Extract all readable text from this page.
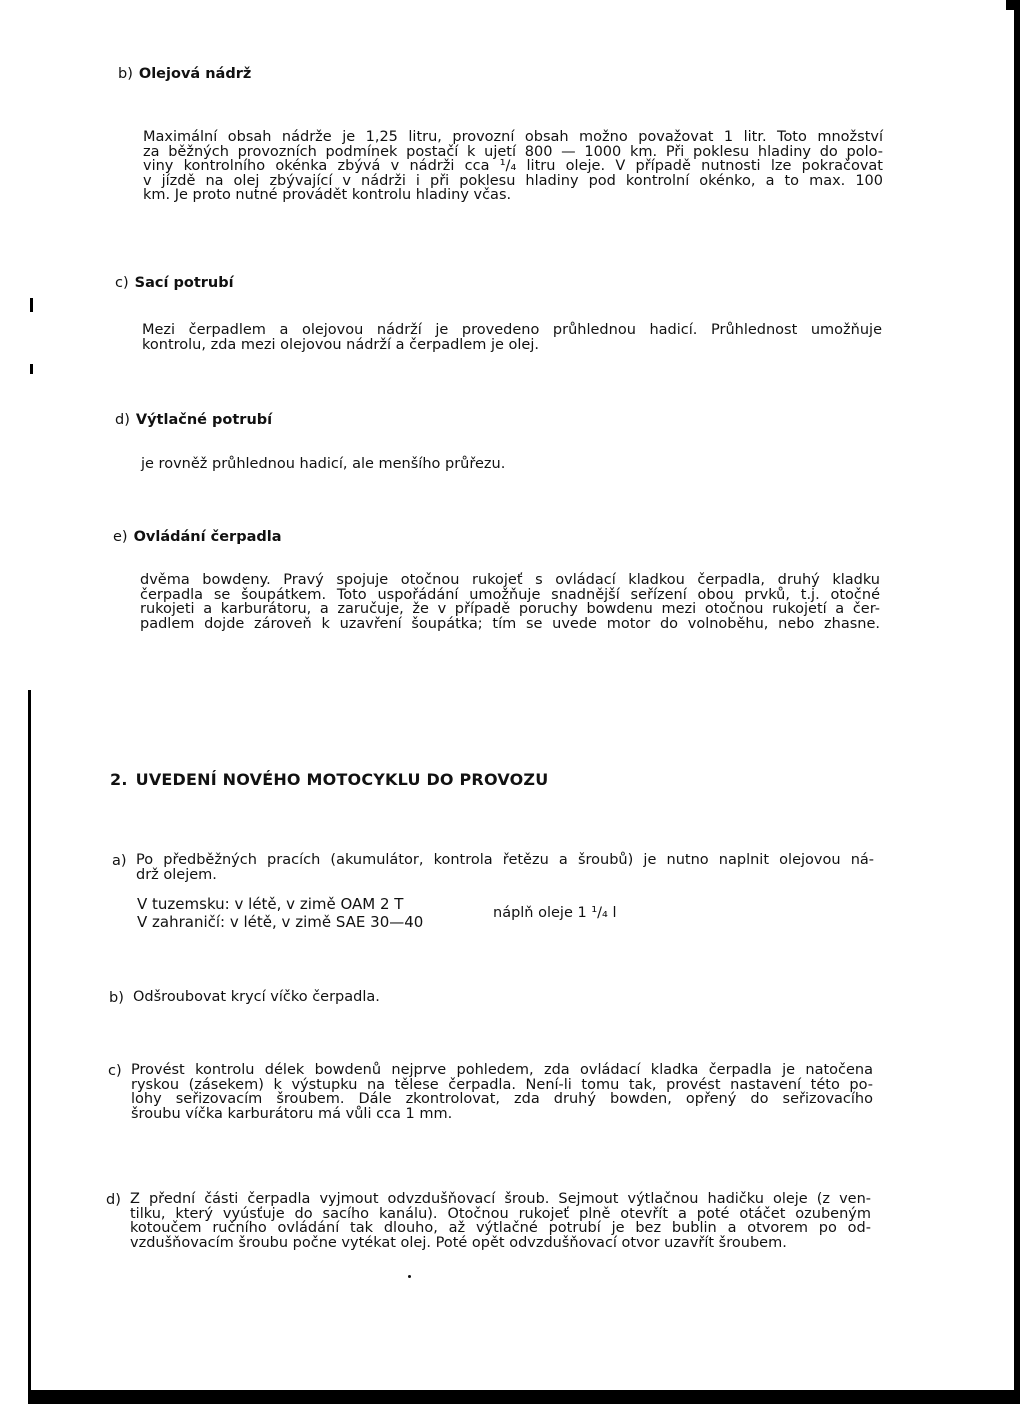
b) Olejová nádrž
Maximální obsah nádrže je 1,25 litru, provozní obsah možno považovat 1 litr. Toto množství
za běžných provozních podmínek postačí k ujetí 800 — 1000 km. Při poklesu hladiny do polo-
viny kontrolního okénka zbývá v nádrži cca ¹/₄ litru oleje. V případě nutnosti lze pokračovat
v jízdě na olej zbývající v nádrži i při poklesu hladiny pod kontrolní okénko, a to max. 100
km. Je proto nutné provádět kontrolu hladiny včas.
c) Sací potrubí
Mezi čerpadlem a olejovou nádrží je provedeno průhlednou hadicí. Průhlednost umožňuje
kontrolu, zda mezi olejovou nádrží a čerpadlem je olej.
d) Výtlačné potrubí
je rovněž průhlednou hadicí, ale menšího průřezu.
e) Ovládání čerpadla
dvěma bowdeny. Pravý spojuje otočnou rukojeť s ovládací kladkou čerpadla, druhý kladku
čerpadla se šoupátkem. Toto uspořádání umožňuje snadnější seřízení obou prvků, t.j. otočné
rukojeti a karburátoru, a zaručuje, že v případě poruchy bowdenu mezi otočnou rukojetí a čer-
padlem dojde zároveň k uzavření šoupátka; tím se uvede motor do volnoběhu, nebo zhasne.
2. UVEDENÍ NOVÉHO MOTOCYKLU DO PROVOZU
a) Po předběžných pracích (akumulátor, kontrola řetězu a šroubů) je nutno naplnit olejovou ná-
drž olejem.
V tuzemsku: v létě, v zimě OAM 2 T
V zahraničí: v létě, v zimě SAE 30—40	náplň oleje 1 ¹/₄ l
b) Odšroubovat krycí víčko čerpadla.
c) Provést kontrolu délek bowdenů nejprve pohledem, zda ovládací kladka čerpadla je natočena
ryskou (zásekem) k výstupku na tělese čerpadla. Není-li tomu tak, provést nastavení této po-
lohy seřizovacím šroubem. Dále zkontrolovat, zda druhý bowden, opřený do seřizovacího
šroubu víčka karburátoru má vůli cca 1 mm.
d) Z přední části čerpadla vyjmout odvzdušňovací šroub. Sejmout výtlačnou hadičku oleje (z ven-
tilku, který vyúsťuje do sacího kanálu). Otočnou rukojeť plně otevřít a poté otáčet ozubeným
kotoučem ručního ovládání tak dlouho, až výtlačné potrubí je bez bublin a otvorem po od-
vzdušňovacím šroubu počne vytékat olej. Poté opět odvzdušňovací otvor uzavřít šroubem.
